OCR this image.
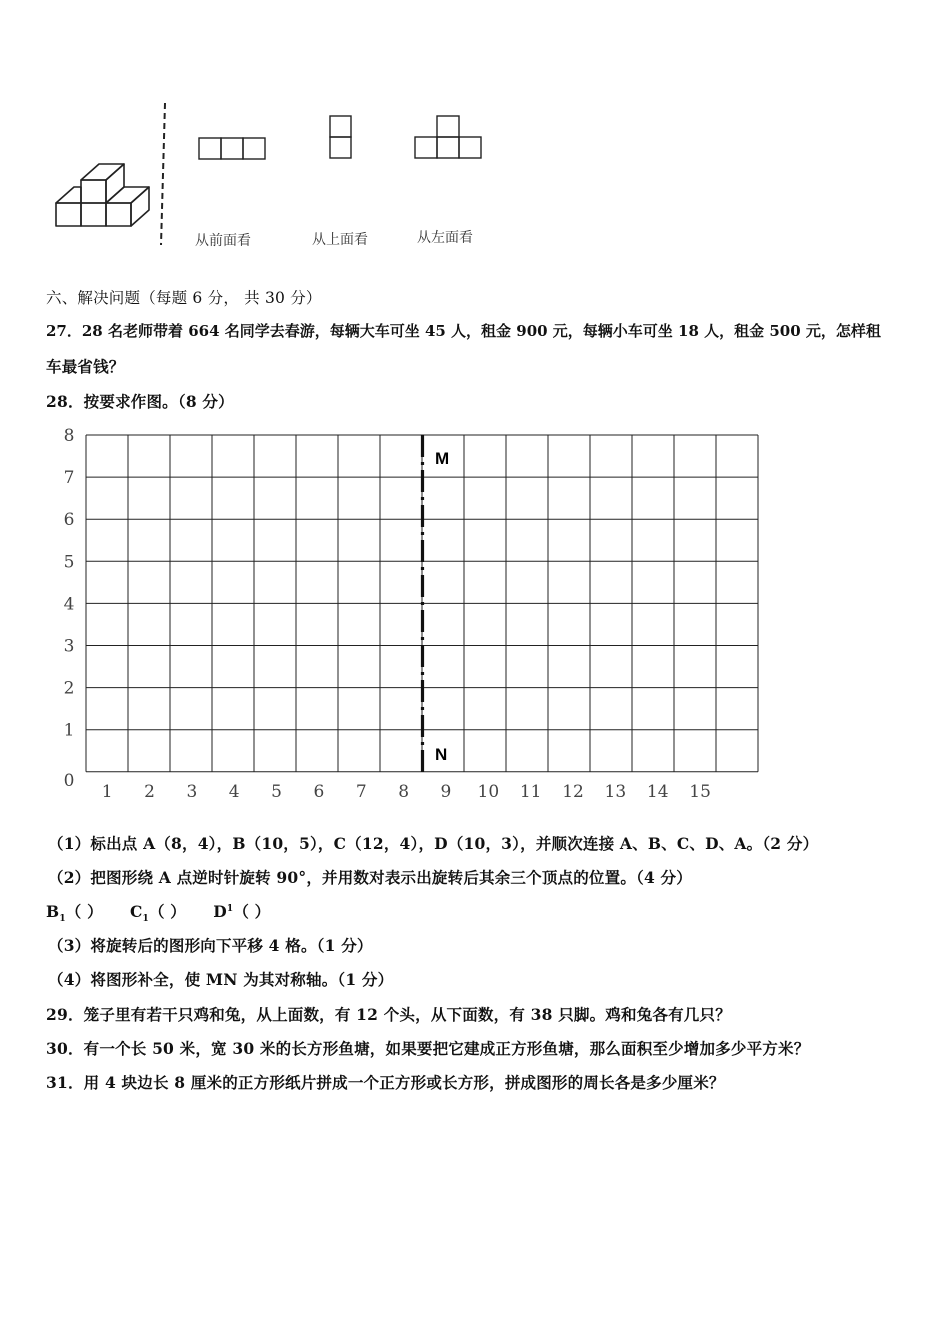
从前面看	从上面看	从左面看
六、解决问题（每题 6 分， 共 30 分）
27．28 名老师带着 664 名同学去春游，每辆大车可坐 45 人，租金 900 元，每辆小车可坐 18 人，租金 500 元，怎样租
车最省钱？
28．按要求作图。（8 分）
1 2 3 4 5 6 7 8 9 10 11 12 13 14 15
0
1
2
3
4
5
6
7
8
M
N
（1）标出点 A（8，4），B（10，5），C（12，4），D（10，3），并顺次连接 A、B、C、D、A。（2 分）
（2）把图形绕 A 点逆时针旋转 90°，并用数对表示出旋转后其余三个顶点的位置。（4 分）
$B_1$（ ） $C_1$（ ） $D^1$（ ）
（3）将旋转后的图形向下平移 4 格。（1 分）
（4）将图形补全，使 MN 为其对称轴。（1 分）
29．笼子里有若干只鸡和兔，从上面数，有 12 个头，从下面数，有 38 只脚。鸡和兔各有几只？
30．有一个长 50 米，宽 30 米的长方形鱼塘，如果要把它建成正方形鱼塘，那么面积至少增加多少平方米？
31．用 4 块边长 8 厘米的正方形纸片拼成一个正方形或长方形，拼成图形的周长各是多少厘米？
